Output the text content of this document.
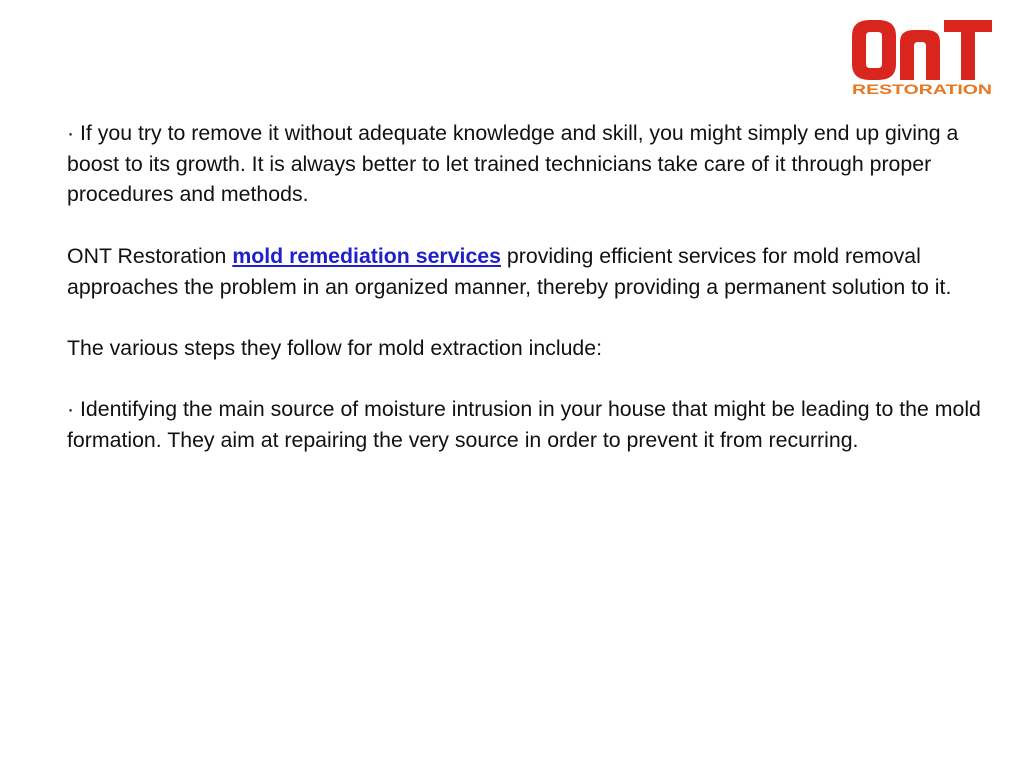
RESTORATION

· If you try to remove it without adequate knowledge and skill, you might simply end up giving a boost to its growth. It is always better to let trained technicians take care of it through proper procedures and methods.

ONT Restoration mold remediation services providing efficient services for mold removal approaches the problem in an organized manner, thereby providing a permanent solution to it.

The various steps they follow for mold extraction include:

· Identifying the main source of moisture intrusion in your house that might be leading to the mold formation. They aim at repairing the very source in order to prevent it from recurring.
